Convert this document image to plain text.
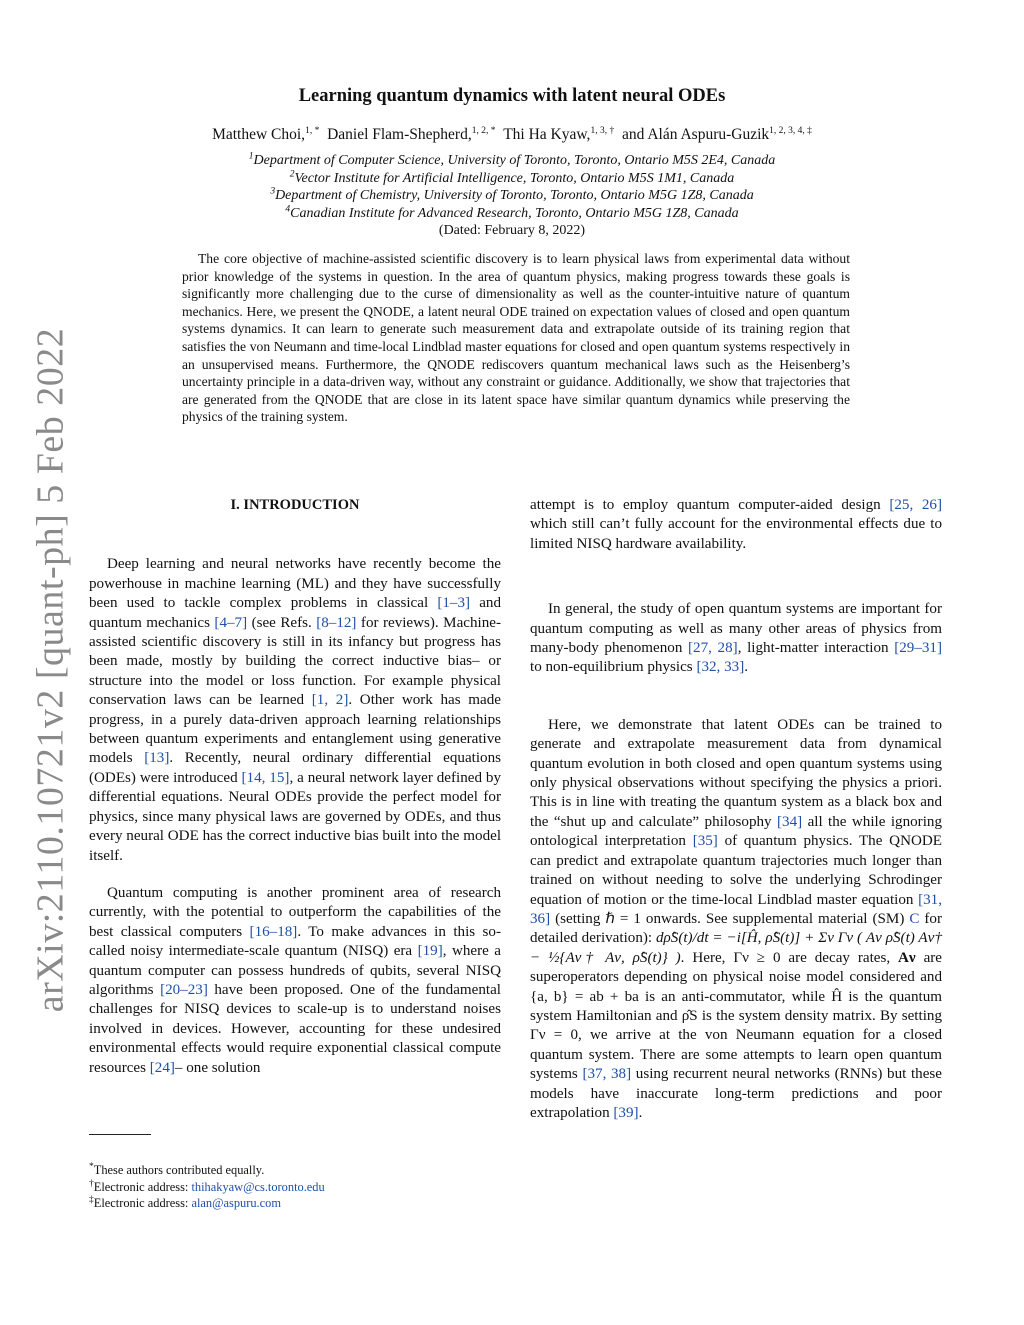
arXiv:2110.10721v2 [quant-ph] 5 Feb 2022
Learning quantum dynamics with latent neural ODEs
Matthew Choi,$^{1, *}$ Daniel Flam-Shepherd,$^{1, 2, *}$ Thi Ha Kyaw,$^{1, 3, \dagger}$ and Alán Aspuru-Guzik$^{1, 2, 3, 4, \ddagger}$
$^1$Department of Computer Science, University of Toronto, Toronto, Ontario M5S 2E4, Canada
$^2$Vector Institute for Artificial Intelligence, Toronto, Ontario M5S 1M1, Canada
$^3$Department of Chemistry, University of Toronto, Toronto, Ontario M5G 1Z8, Canada
$^4$Canadian Institute for Advanced Research, Toronto, Ontario M5G 1Z8, Canada
(Dated: February 8, 2022)

The core objective of machine-assisted scientific discovery is to learn physical laws from experimental data without prior knowledge of the systems in question. In the area of quantum physics, making progress towards these goals is significantly more challenging due to the curse of dimensionality as well as the counter-intuitive nature of quantum mechanics. Here, we present the QNODE, a latent neural ODE trained on expectation values of closed and open quantum systems dynamics. It can learn to generate such measurement data and extrapolate outside of its training region that satisfies the von Neumann and time-local Lindblad master equations for closed and open quantum systems respectively in an unsupervised means. Furthermore, the QNODE rediscovers quantum mechanical laws such as the Heisenberg’s uncertainty principle in a data-driven way, without any constraint or guidance. Additionally, we show that trajectories that are generated from the QNODE that are close in its latent space have similar quantum dynamics while preserving the physics of the training system.

I. INTRODUCTION

Deep learning and neural networks have recently become the powerhouse in machine learning (ML) and they have successfully been used to tackle complex problems in classical [1–3] and quantum mechanics [4–7] (see Refs. [8–12] for reviews). Machine-assisted scientific discovery is still in its infancy but progress has been made, mostly by building the correct inductive bias– or structure into the model or loss function. For example physical conservation laws can be learned [1, 2]. Other work has made progress, in a purely data-driven approach learning relationships between quantum experiments and entanglement using generative models [13]. Recently, neural ordinary differential equations (ODEs) were introduced [14, 15], a neural network layer defined by differential equations. Neural ODEs provide the perfect model for physics, since many physical laws are governed by ODEs, and thus every neural ODE has the correct inductive bias built into the model itself.

Quantum computing is another prominent area of research currently, with the potential to outperform the capabilities of the best classical computers [16–18]. To make advances in this so-called noisy intermediate-scale quantum (NISQ) era [19], where a quantum computer can possess hundreds of qubits, several NISQ algorithms [20–23] have been proposed. One of the fundamental challenges for NISQ devices to scale-up is to understand noises involved in devices. However, accounting for these undesired environmental effects would require exponential classical compute resources [24]– one solution

attempt is to employ quantum computer-aided design [25, 26] which still can’t fully account for the environmental effects due to limited NISQ hardware availability.

In general, the study of open quantum systems are important for quantum computing as well as many other areas of physics from many-body phenomenon [27, 28], light-matter interaction [29–31] to non-equilibrium physics [32, 33].

Here, we demonstrate that latent ODEs can be trained to generate and extrapolate measurement data from dynamical quantum evolution in both closed and open quantum systems using only physical observations without specifying the physics a priori. This is in line with treating the quantum system as a black box and the “shut up and calculate” philosophy [34] all the while ignoring ontological interpretation [35] of quantum physics. The QNODE can predict and extrapolate quantum trajectories much longer than trained on without needing to solve the underlying Schrodinger equation of motion or the time-local Lindblad master equation [31, 36] (setting ℏ = 1 onwards. See supplemental material (SM) C for detailed derivation): dρ̂S(t)/dt = −i[Ĥ, ρ̂S(t)] + Σν Γν ( Aν ρ̂S(t) Aν† − ½{Aν† Aν, ρ̂S(t)} ). Here, Γν ≥ 0 are decay rates, Aν are superoperators depending on physical noise model considered and {a, b} = ab + ba is an anti-commutator, while Ĥ is the quantum system Hamiltonian and ρ̂S is the system density matrix. By setting Γν = 0, we arrive at the von Neumann equation for a closed quantum system. There are some attempts to learn open quantum systems [37, 38] using recurrent neural networks (RNNs) but these models have inaccurate long-term predictions and poor extrapolation [39].

*These authors contributed equally.
†Electronic address: thihakyaw@cs.toronto.edu
‡Electronic address: alan@aspuru.com
